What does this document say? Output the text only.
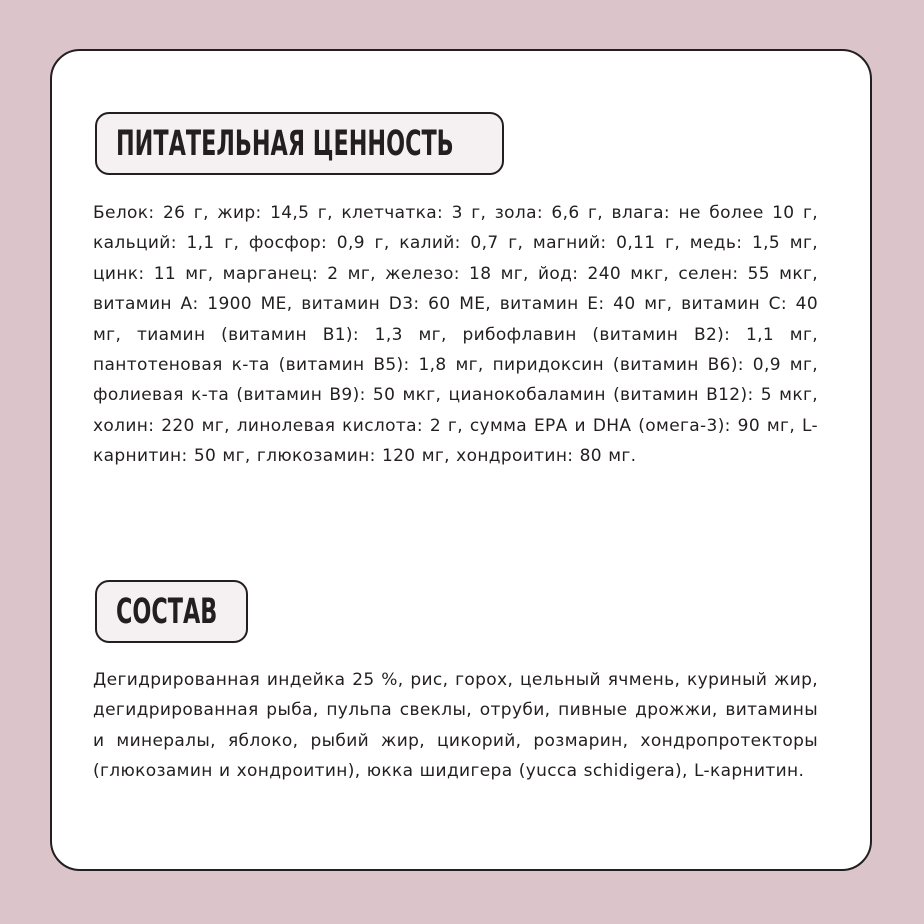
ПИТАТЕЛЬНАЯ ЦЕННОСТЬ
Белок: 26 г, жир: 14,5 г, клетчатка: 3 г, зола: 6,6 г, влага: не более 10 г, кальций: 1,1 г, фосфор: 0,9 г, калий: 0,7 г, магний: 0,11 г, медь: 1,5 мг, цинк: 11 мг, марганец: 2 мг, железо: 18 мг, йод: 240 мкг, селен: 55 мкг, витамин А: 1900 МЕ, витамин D3: 60 МЕ, витамин Е: 40 мг, витамин С: 40 мг, тиамин (витамин В1): 1,3 мг, рибофлавин (витамин В2): 1,1 мг, пантотеновая к-та (витамин В5): 1,8 мг, пиридоксин (витамин В6): 0,9 мг, фолиевая к-та (витамин В9): 50 мкг, цианокобаламин (витамин В12): 5 мкг, холин: 220 мг, линолевая кислота: 2 г, сумма ЕРА и DHA (омега-3): 90 мг, L-карнитин: 50 мг, глюкозамин: 120 мг, хондроитин: 80 мг.
СОСТАВ
Дегидрированная индейка 25 %, рис, горох, цельный ячмень, куриный жир, дегидрированная рыба, пульпа свеклы, отруби, пивные дрожжи, витамины и минералы, яблоко, рыбий жир, цикорий, розмарин, хондропротекторы (глюкозамин и хондроитин), юкка шидигера (yucca schidigera), L-карнитин.
